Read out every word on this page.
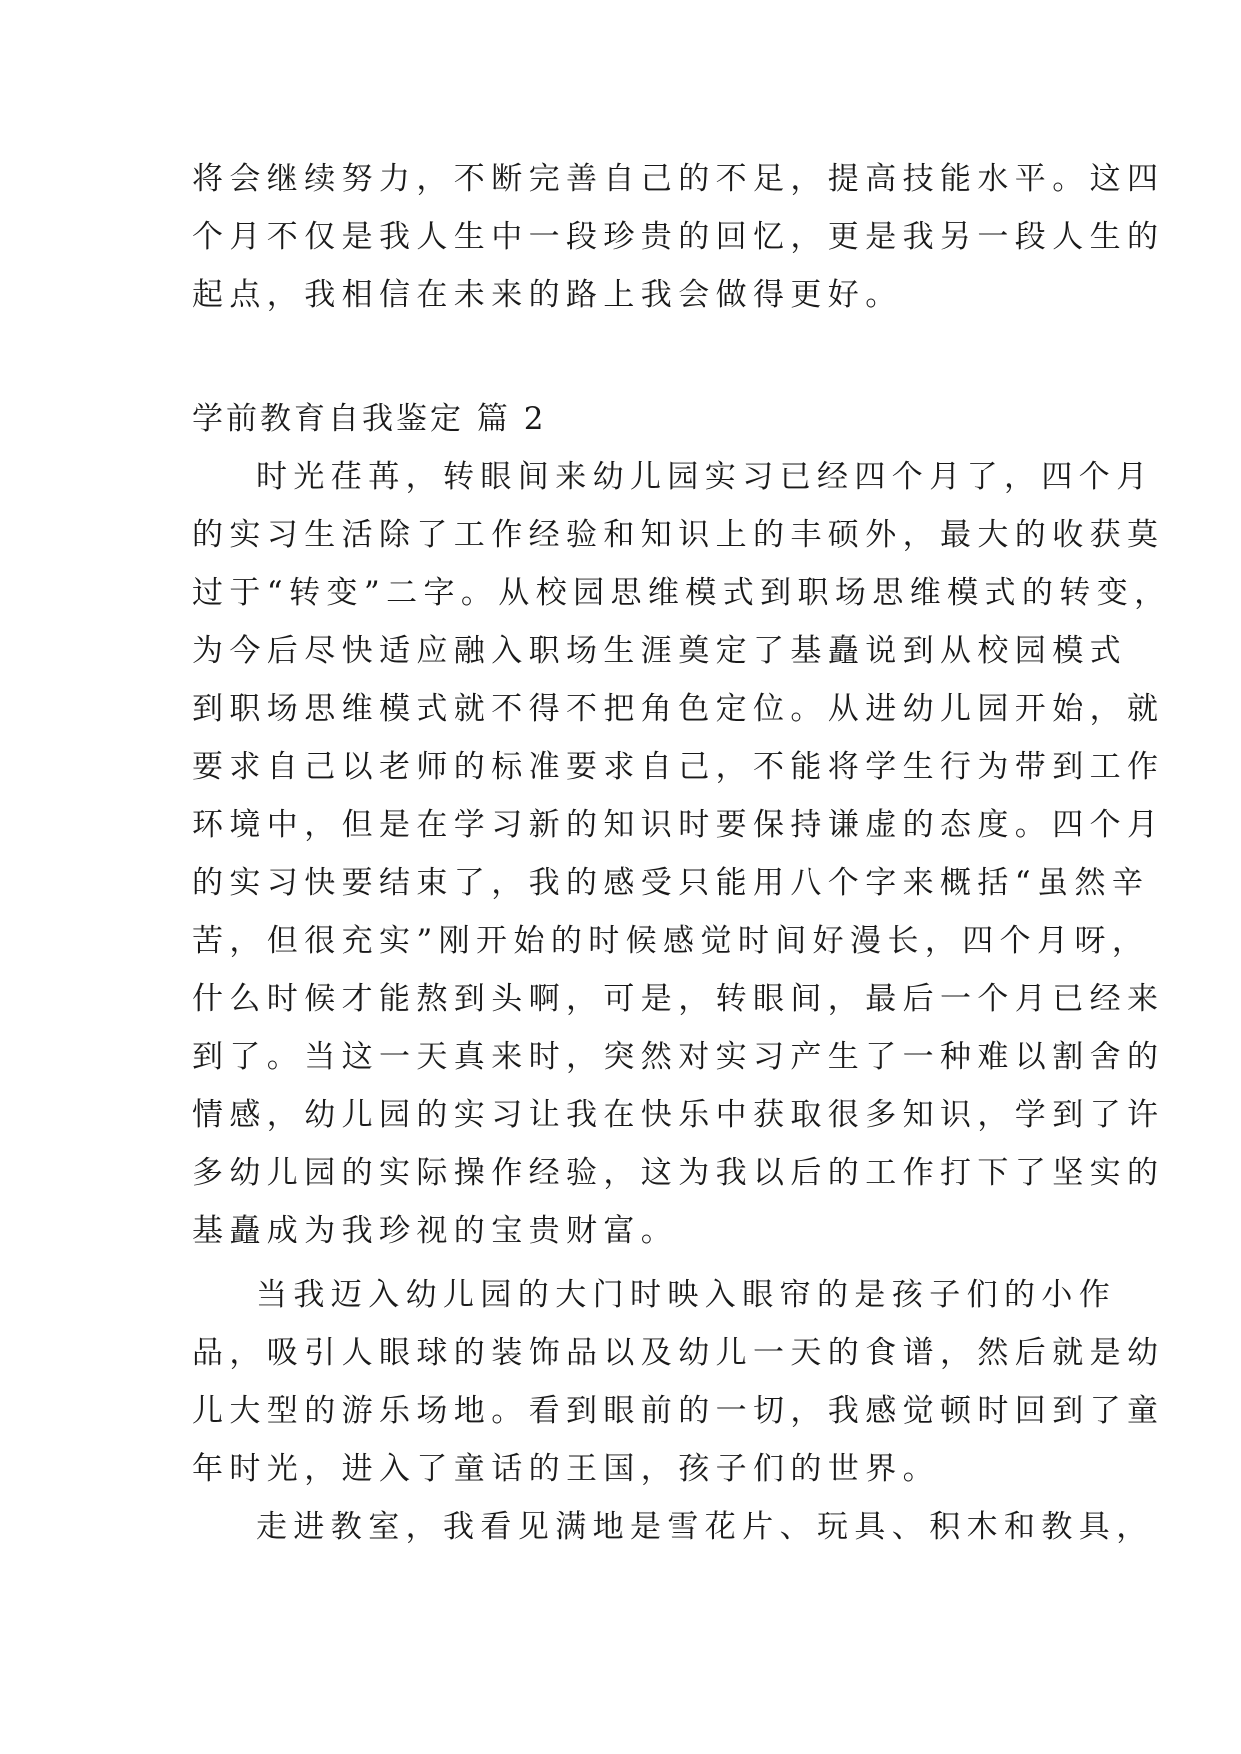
将会继续努力，不断完善自己的不足，提高技能水平。这四
个月不仅是我人生中一段珍贵的回忆，更是我另一段人生的
起点，我相信在未来的路上我会做得更好。
学前教育自我鉴定 篇 2
时光荏苒，转眼间来幼儿园实习已经四个月了，四个月
的实习生活除了工作经验和知识上的丰硕外，最大的收获莫
过于“转变”二字。从校园思维模式到职场思维模式的转变，
为今后尽快适应融入职场生涯奠定了基矗说到从校园模式
到职场思维模式就不得不把角色定位。从进幼儿园开始，就
要求自己以老师的标准要求自己，不能将学生行为带到工作
环境中，但是在学习新的知识时要保持谦虚的态度。四个月
的实习快要结束了，我的感受只能用八个字来概括“虽然辛
苦，但很充实”刚开始的时候感觉时间好漫长，四个月呀，
什么时候才能熬到头啊，可是，转眼间，最后一个月已经来
到了。当这一天真来时，突然对实习产生了一种难以割舍的
情感，幼儿园的实习让我在快乐中获取很多知识，学到了许
多幼儿园的实际操作经验，这为我以后的工作打下了坚实的
基矗成为我珍视的宝贵财富。
当我迈入幼儿园的大门时映入眼帘的是孩子们的小作
品，吸引人眼球的装饰品以及幼儿一天的食谱，然后就是幼
儿大型的游乐场地。看到眼前的一切，我感觉顿时回到了童
年时光，进入了童话的王国，孩子们的世界。
走进教室，我看见满地是雪花片、玩具、积木和教具，
